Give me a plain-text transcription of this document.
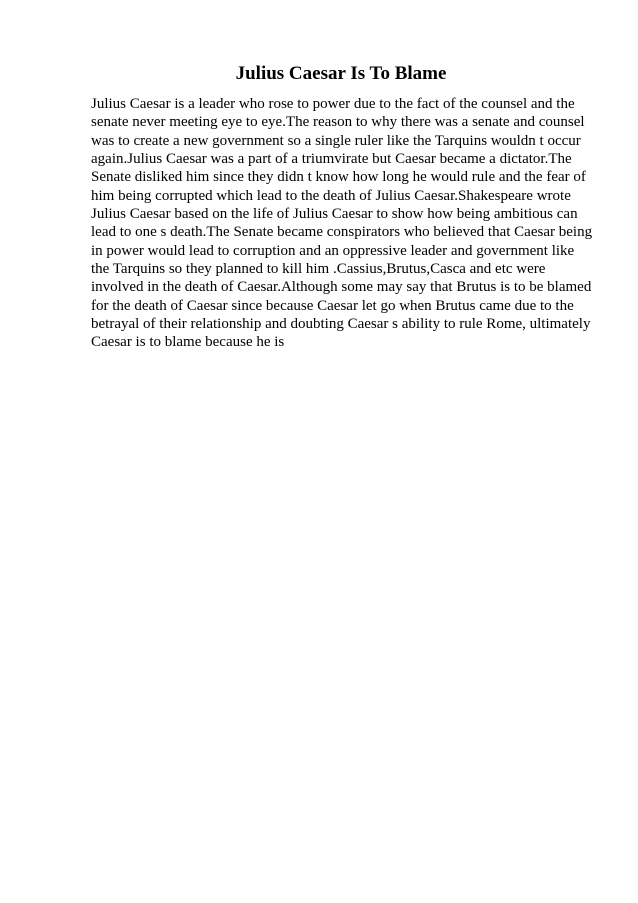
Julius Caesar Is To Blame
Julius Caesar is a leader who rose to power due to the fact of the counsel and the
senate never meeting eye to eye.The reason to why there was a senate and counsel
was to create a new government so a single ruler like the Tarquins wouldn t occur
again.Julius Caesar was a part of a triumvirate but Caesar became a dictator.The
Senate disliked him since they didn t know how long he would rule and the fear of
him being corrupted which lead to the death of Julius Caesar.Shakespeare wrote
Julius Caesar based on the life of Julius Caesar to show how being ambitious can
lead to one s death.The Senate became conspirators who believed that Caesar being
in power would lead to corruption and an oppressive leader and government like
the Tarquins so they planned to kill him .Cassius,Brutus,Casca and etc were
involved in the death of Caesar.Although some may say that Brutus is to be blamed
for the death of Caesar since because Caesar let go when Brutus came due to the
betrayal of their relationship and doubting Caesar s ability to rule Rome, ultimately
Caesar is to blame because he is
